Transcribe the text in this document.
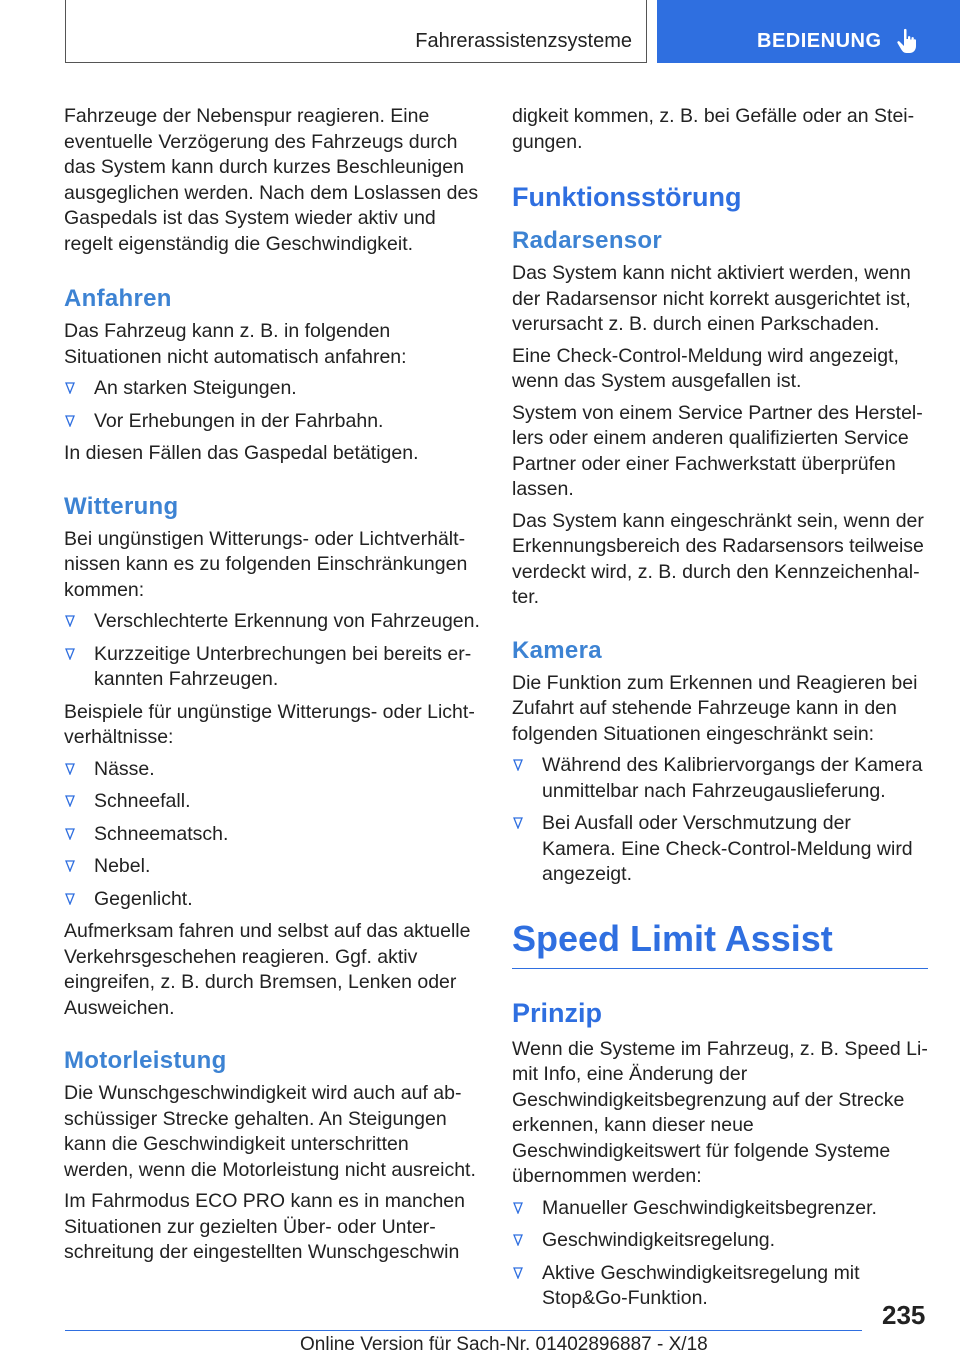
Fahrerassistenzsysteme	BEDIENUNG

Fahrzeuge der Nebenspur reagieren. Eine eventuelle Verzögerung des Fahrzeugs durch das System kann durch kurzes Beschleunigen ausgeglichen werden. Nach dem Loslassen des Gaspedals ist das System wieder aktiv und regelt eigenständig die Geschwindigkeit.

Anfahren

Das Fahrzeug kann z. B. in folgenden Situationen nicht automatisch anfahren:

An starken Steigungen.
Vor Erhebungen in der Fahrbahn.

In diesen Fällen das Gaspedal betätigen.

Witterung

Bei ungünstigen Witterungs- oder Lichtverhältnissen kann es zu folgenden Einschränkungen kommen:

Verschlechterte Erkennung von Fahrzeugen.
Kurzzeitige Unterbrechungen bei bereits erkannten Fahrzeugen.

Beispiele für ungünstige Witterungs- oder Lichtverhältnisse:

Nässe.
Schneefall.
Schneematsch.
Nebel.
Gegenlicht.

Aufmerksam fahren und selbst auf das aktuelle Verkehrsgeschehen reagieren. Ggf. aktiv eingreifen, z. B. durch Bremsen, Lenken oder Ausweichen.

Motorleistung

Die Wunschgeschwindigkeit wird auch auf abschüssiger Strecke gehalten. An Steigungen kann die Geschwindigkeit unterschritten werden, wenn die Motorleistung nicht ausreicht.

Im Fahrmodus ECO PRO kann es in manchen Situationen zur gezielten Über- oder Unterschreitung der eingestellten Wunschgeschwin

digkeit kommen, z. B. bei Gefälle oder an Steigungen.

Funktionsstörung
Radarsensor

Das System kann nicht aktiviert werden, wenn der Radarsensor nicht korrekt ausgerichtet ist, verursacht z. B. durch einen Parkschaden.

Eine Check-Control-Meldung wird angezeigt, wenn das System ausgefallen ist.

System von einem Service Partner des Herstellers oder einem anderen qualifizierten Service Partner oder einer Fachwerkstatt überprüfen lassen.

Das System kann eingeschränkt sein, wenn der Erkennungsbereich des Radarsensors teilweise verdeckt wird, z. B. durch den Kennzeichenhalter.

Kamera

Die Funktion zum Erkennen und Reagieren bei Zufahrt auf stehende Fahrzeuge kann in den folgenden Situationen eingeschränkt sein:

Während des Kalibriervorgangs der Kamera unmittelbar nach Fahrzeugauslieferung.
Bei Ausfall oder Verschmutzung der Kamera. Eine Check-Control-Meldung wird angezeigt.
Speed Limit Assist
Prinzip

Wenn die Systeme im Fahrzeug, z. B. Speed Limit Info, eine Änderung der Geschwindigkeitsbegrenzung auf der Strecke erkennen, kann dieser neue Geschwindigkeitswert für folgende Systeme übernommen werden:

Manueller Geschwindigkeitsbegrenzer.
Geschwindigkeitsregelung.
Aktive Geschwindigkeitsregelung mit Stop&Go-Funktion.
235
Online Version für Sach-Nr. 01402896887 - X/18
